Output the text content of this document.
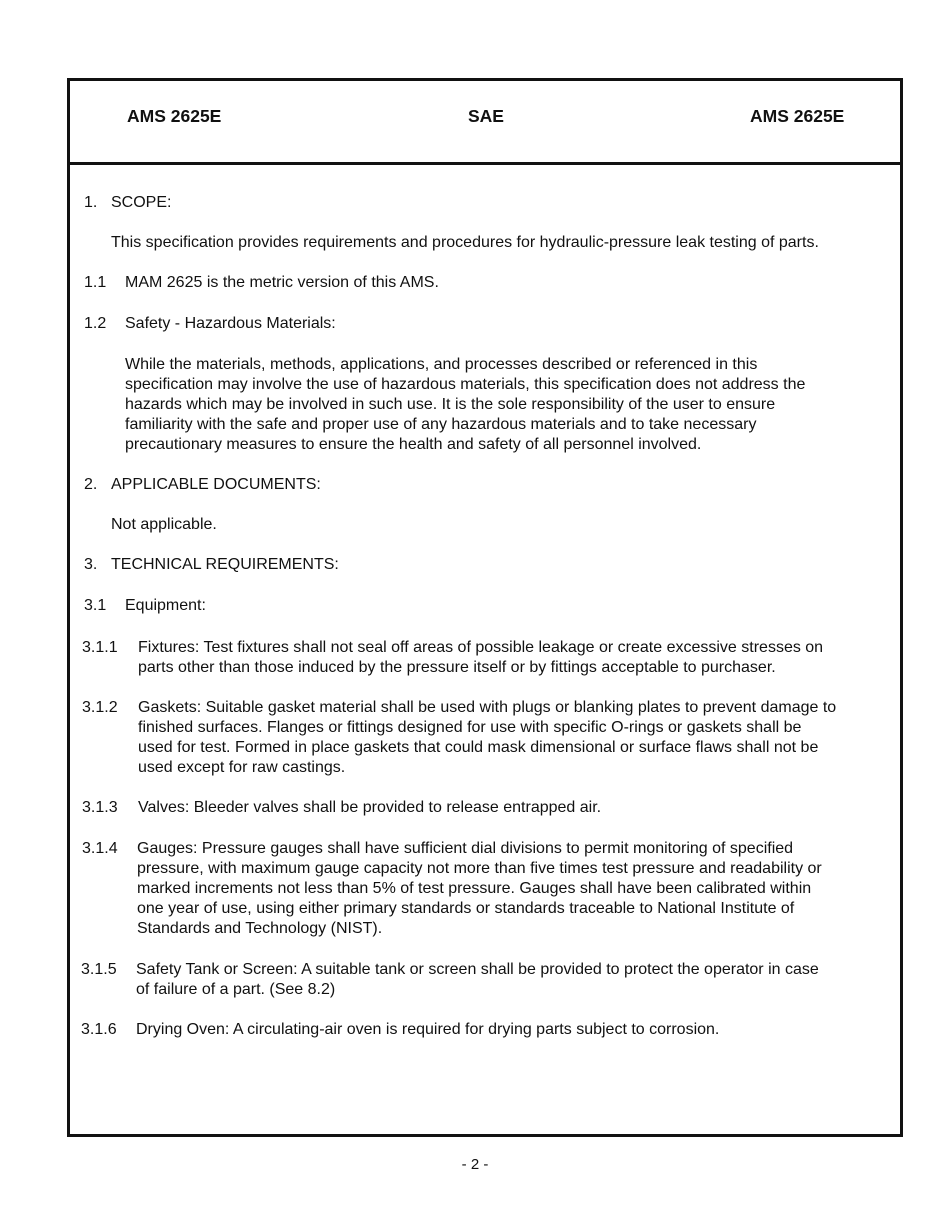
AMS 2625E	SAE	AMS 2625E
1. SCOPE:
This specification provides requirements and procedures for hydraulic-pressure leak testing of parts.
1.1 MAM 2625 is the metric version of this AMS.
1.2 Safety - Hazardous Materials:
While the materials, methods, applications, and processes described or referenced in this
specification may involve the use of hazardous materials, this specification does not address the
hazards which may be involved in such use. It is the sole responsibility of the user to ensure
familiarity with the safe and proper use of any hazardous materials and to take necessary
precautionary measures to ensure the health and safety of all personnel involved.
2. APPLICABLE DOCUMENTS:
Not applicable.
3. TECHNICAL REQUIREMENTS:
3.1 Equipment:
3.1.1 Fixtures: Test fixtures shall not seal off areas of possible leakage or create excessive stresses on
parts other than those induced by the pressure itself or by fittings acceptable to purchaser.
3.1.2 Gaskets: Suitable gasket material shall be used with plugs or blanking plates to prevent damage to
finished surfaces. Flanges or fittings designed for use with specific O-rings or gaskets shall be
used for test. Formed in place gaskets that could mask dimensional or surface flaws shall not be
used except for raw castings.
3.1.3 Valves: Bleeder valves shall be provided to release entrapped air.
3.1.4 Gauges: Pressure gauges shall have sufficient dial divisions to permit monitoring of specified
pressure, with maximum gauge capacity not more than five times test pressure and readability or
marked increments not less than 5% of test pressure. Gauges shall have been calibrated within
one year of use, using either primary standards or standards traceable to National Institute of
Standards and Technology (NIST).
3.1.5 Safety Tank or Screen: A suitable tank or screen shall be provided to protect the operator in case
of failure of a part. (See 8.2)
3.1.6 Drying Oven: A circulating-air oven is required for drying parts subject to corrosion.
- 2 -
